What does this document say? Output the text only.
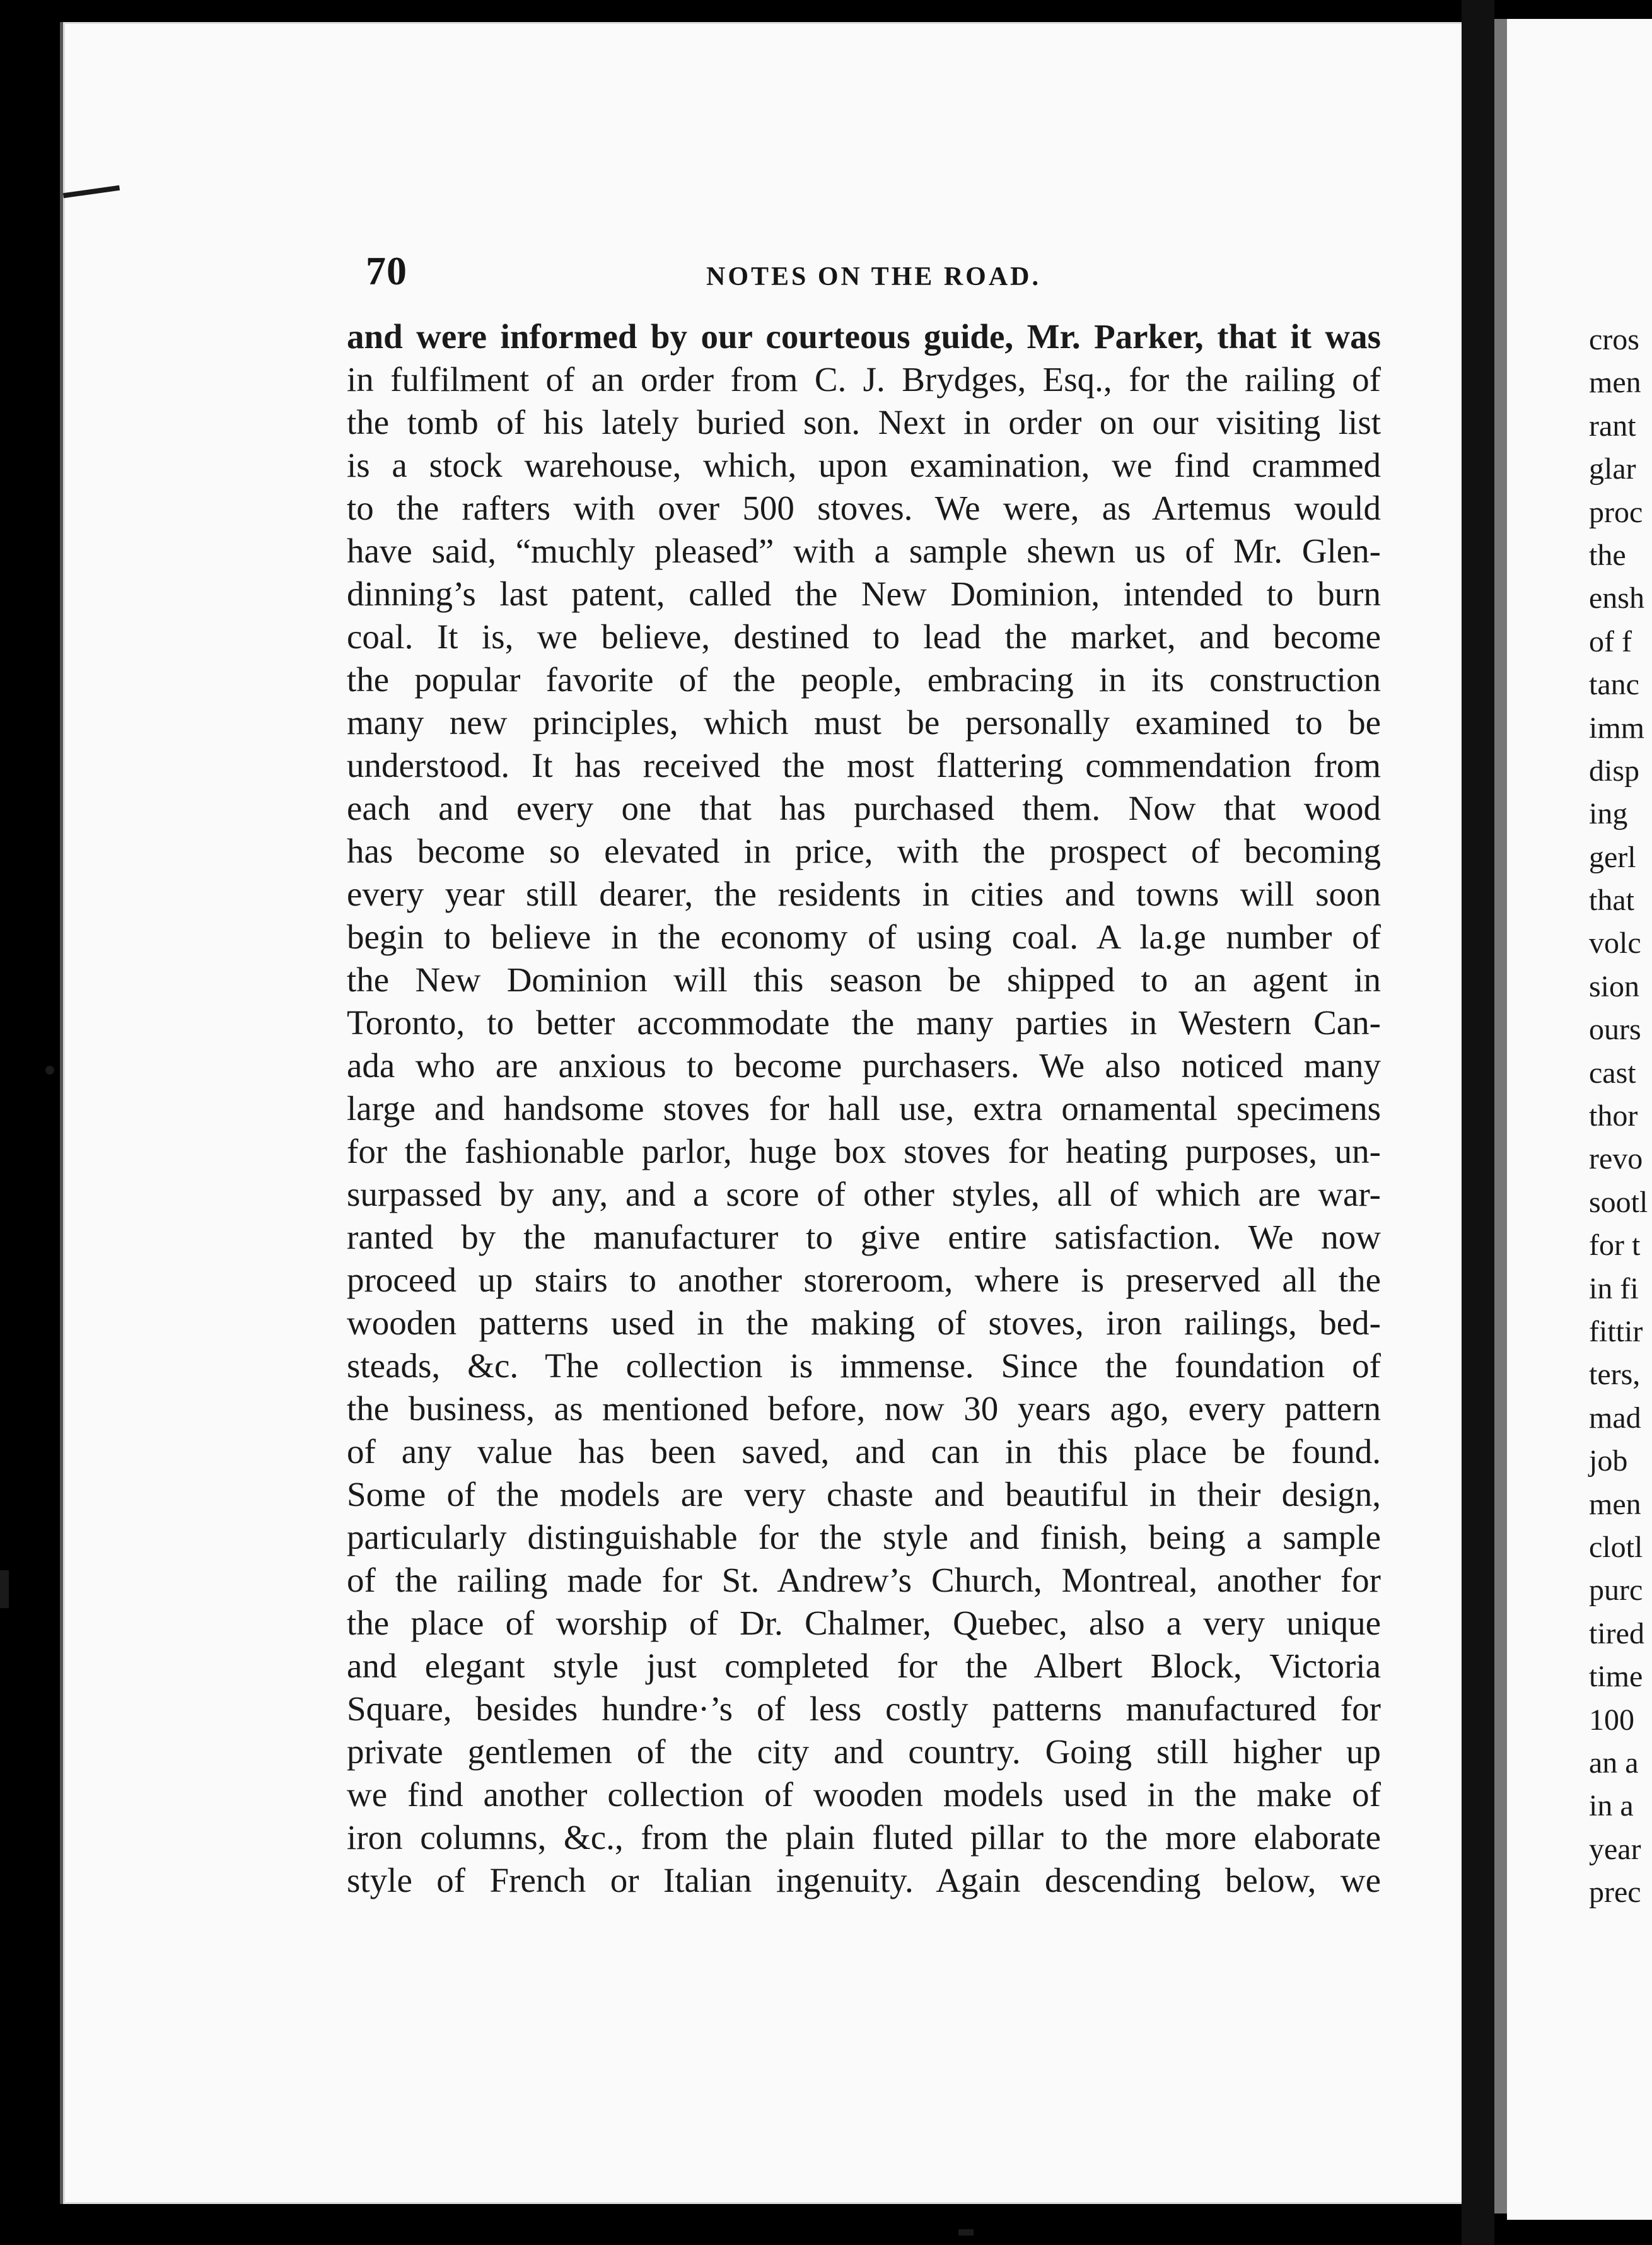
70	NOTES ON THE ROAD.
and were informed by our courteous guide, Mr. Parker, that it was
in fulfilment of an order from C. J. Brydges, Esq., for the railing of
the tomb of his lately buried son. Next in order on our visiting list
is a stock warehouse, which, upon examination, we find crammed
to the rafters with over 500 stoves. We were, as Artemus would
have said, “muchly pleased” with a sample shewn us of Mr. Glen-
dinning’s last patent, called the New Dominion, intended to burn
coal. It is, we believe, destined to lead the market, and become
the popular favorite of the people, embracing in its construction
many new principles, which must be personally examined to be
understood. It has received the most flattering commendation from
each and every one that has purchased them. Now that wood
has become so elevated in price, with the prospect of becoming
every year still dearer, the residents in cities and towns will soon
begin to believe in the economy of using coal. A la.ge number of
the New Dominion will this season be shipped to an agent in
Toronto, to better accommodate the many parties in Western Can-
ada who are anxious to become purchasers. We also noticed many
large and handsome stoves for hall use, extra ornamental specimens
for the fashionable parlor, huge box stoves for heating purposes, un-
surpassed by any, and a score of other styles, all of which are war-
ranted by the manufacturer to give entire satisfaction. We now
proceed up stairs to another storeroom, where is preserved all the
wooden patterns used in the making of stoves, iron railings, bed-
steads, &c. The collection is immense. Since the foundation of
the business, as mentioned before, now 30 years ago, every pattern
of any value has been saved, and can in this place be found.
Some of the models are very chaste and beautiful in their design,
particularly distinguishable for the style and finish, being a sample
of the railing made for St. Andrew’s Church, Montreal, another for
the place of worship of Dr. Chalmer, Quebec, also a very unique
and elegant style just completed for the Albert Block, Victoria
Square, besides hundre·’s of less costly patterns manufactured for
private gentlemen of the city and country. Going still higher up
we find another collection of wooden models used in the make of
iron columns, &c., from the plain fluted pillar to the more elaborate
style of French or Italian ingenuity. Again descending below, we
cros
men
rant
glar
proc
the
ensh
of f
tanc
imm
disp
ing
gerl
that
volc
sion
ours
cast
thor
revo
sootl
for t
in fi
fittir
ters,
mad
job
men
clotl
purc
tired
time
100
an a
in a
year
prec
